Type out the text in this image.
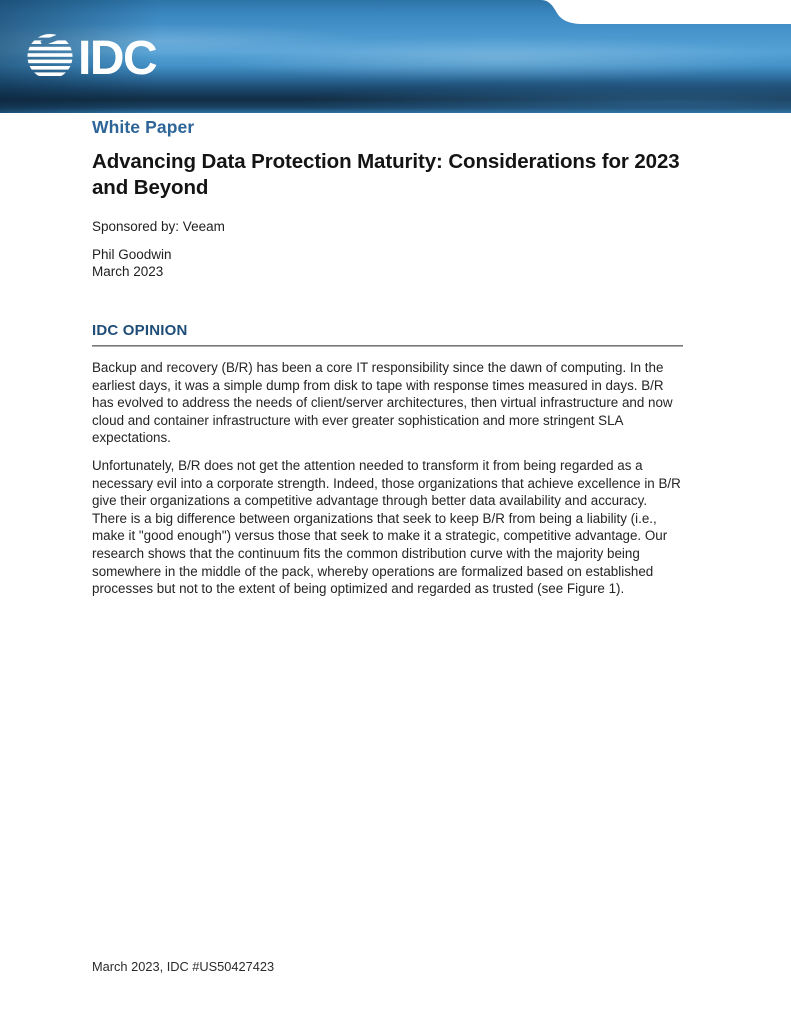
IDC
White Paper
Advancing Data Protection Maturity: Considerations for 2023 and Beyond
Sponsored by: Veeam
Phil Goodwin
March 2023
IDC OPINION

Backup and recovery (B/R) has been a core IT responsibility since the dawn of computing. In the earliest days, it was a simple dump from disk to tape with response times measured in days. B/R has evolved to address the needs of client/server architectures, then virtual infrastructure and now cloud and container infrastructure with ever greater sophistication and more stringent SLA expectations.

Unfortunately, B/R does not get the attention needed to transform it from being regarded as a necessary evil into a corporate strength. Indeed, those organizations that achieve excellence in B/R give their organizations a competitive advantage through better data availability and accuracy. There is a big difference between organizations that seek to keep B/R from being a liability (i.e., make it "good enough") versus those that seek to make it a strategic, competitive advantage. Our research shows that the continuum fits the common distribution curve with the majority being somewhere in the middle of the pack, whereby operations are formalized based on established processes but not to the extent of being optimized and regarded as trusted (see Figure 1).

March 2023, IDC #US50427423
